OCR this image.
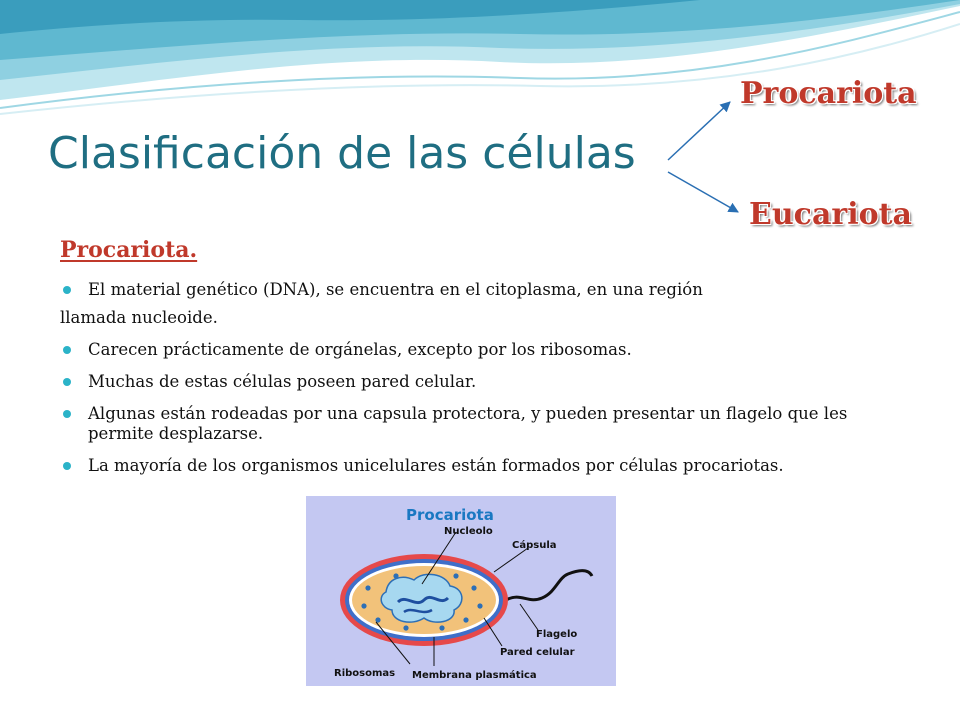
Clasificación de las células
Procariota
Eucariota
Procariota.
El material genético (DNA), se encuentra en el citoplasma, en una región
llamada nucleoide.
Carecen prácticamente de orgánelas, excepto por los ribosomas.
Muchas de estas células poseen pared celular.
Algunas están rodeadas por una capsula protectora, y pueden presentar un flagelo que les permite desplazarse.
La mayoría de los organismos unicelulares están formados por células procariotas.
Procariota
Nucleolo
Cápsula
Flagelo
Pared celular
Ribosomas Membrana plasmática
